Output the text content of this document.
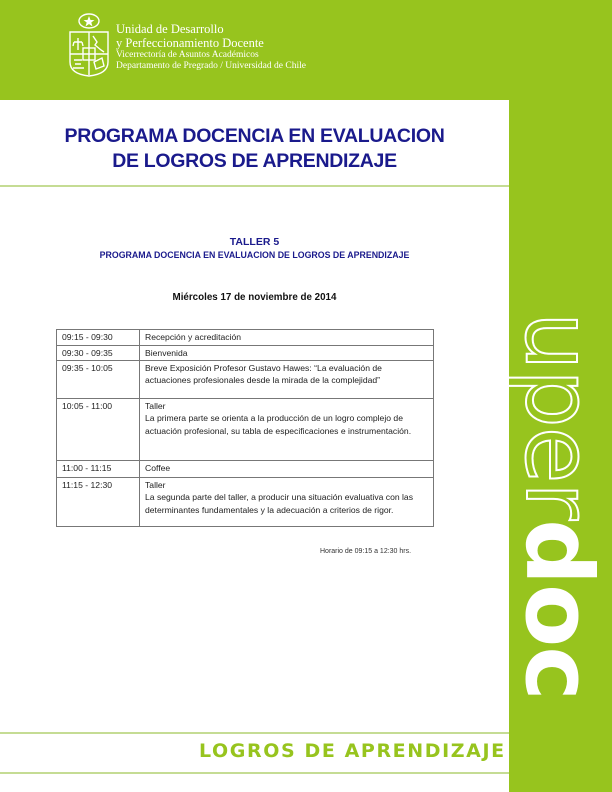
Unidad de Desarrollo
y Perfeccionamiento Docente
Vicerrectoría de Asuntos Académicos
Departamento de Pregrado / Universidad de Chile
PROGRAMA DOCENCIA EN EVALUACION
DE LOGROS DE APRENDIZAJE
TALLER 5
PROGRAMA DOCENCIA EN EVALUACION DE LOGROS DE APRENDIZAJE
Miércoles 17 de noviembre de 2014
09:15 - 09:30	Recepción y acreditación

09:30 - 09:35	Bienvenida

09:35 - 10:05	Breve Exposición Profesor Gustavo Hawes: “La evaluación de
actuaciones profesionales desde la mirada de la complejidad”

10:05 - 11:00	Taller
La primera parte se orienta a la producción de un logro complejo de
actuación profesional, su tabla de especificaciones e instrumentación.

11:00 - 11:15	Coffee

11:15 - 12:30	Taller
La segunda parte del taller, a producir una situación evaluativa con las
determinantes fundamentales y la adecuación a criterios de rigor.
Horario de 09:15 a 12:30 hrs.
LOGROS DE APRENDIZAJE
uperdoc
